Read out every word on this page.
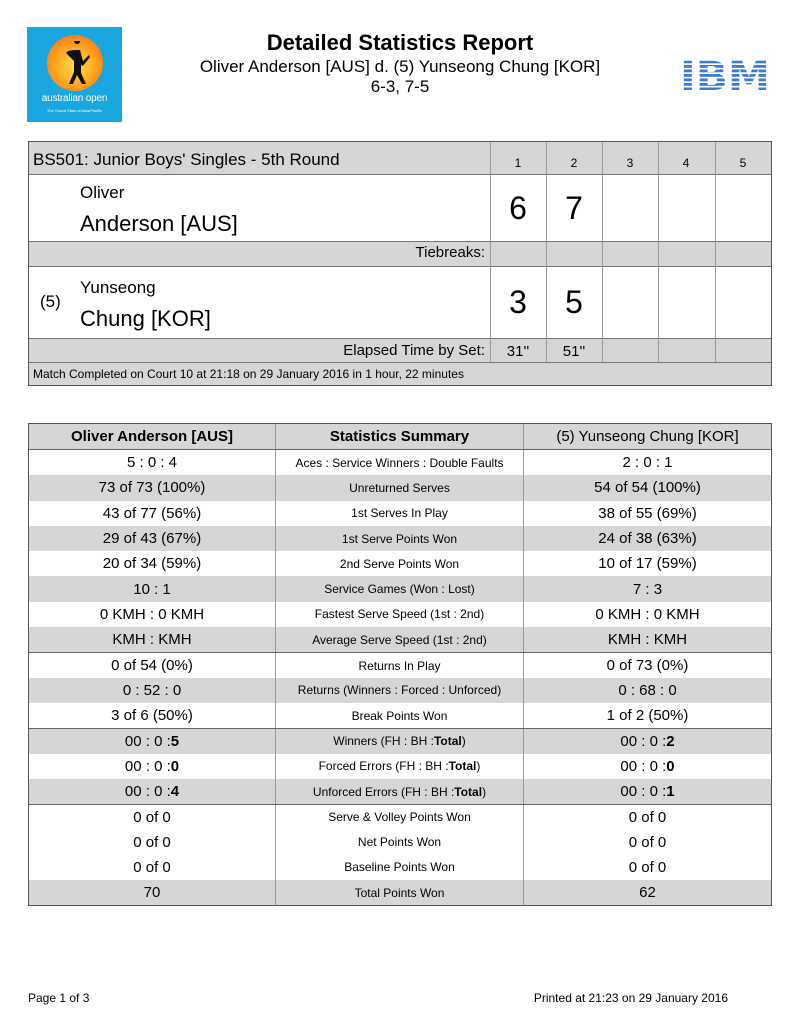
australian open
The Grand Slam of Asia/Pacific
Detailed Statistics Report
Oliver Anderson [AUS] d. (5) Yunseong Chung [KOR]
6-3, 7-5
BS501: Junior Boys' Singles - 5th Round	1	2	3	4	5
Oliver
Anderson [AUS]	6	7
Tiebreaks:
(5)
Yunseong
Chung [KOR]	3	5
Elapsed Time by Set:	31''	51''
Match Completed on Court 10 at 21:18 on 29 January 2016 in 1 hour, 22 minutes
Oliver Anderson [AUS]	Statistics Summary	(5) Yunseong Chung [KOR]
5 : 0 : 4	Aces : Service Winners : Double Faults	2 : 0 : 1
73 of 73 (100%)	Unreturned Serves	54 of 54 (100%)
43 of 77 (56%)	1st Serves In Play	38 of 55 (69%)
29 of 43 (67%)	1st Serve Points Won	24 of 38 (63%)
20 of 34 (59%)	2nd Serve Points Won	10 of 17 (59%)
10 : 1	Service Games (Won : Lost)	7 : 3
0 KMH : 0 KMH	Fastest Serve Speed (1st : 2nd)	0 KMH : 0 KMH
KMH : KMH	Average Serve Speed (1st : 2nd)	KMH : KMH
0 of 54 (0%)	Returns In Play	0 of 73 (0%)
0 : 52 : 0	Returns (Winners : Forced : Unforced)	0 : 68 : 0
3 of 6 (50%)	Break Points Won	1 of 2 (50%)
00 : 0 : 5	Winners (FH : BH : Total )	00 : 0 : 2
00 : 0 : 0	Forced Errors (FH : BH : Total )	00 : 0 : 0
00 : 0 : 4	Unforced Errors (FH : BH : Total )	00 : 0 : 1
0 of 0	Serve & Volley Points Won	0 of 0
0 of 0	Net Points Won	0 of 0
0 of 0	Baseline Points Won	0 of 0
70	Total Points Won	62
Page 1 of 3	Printed at 21:23 on 29 January 2016
